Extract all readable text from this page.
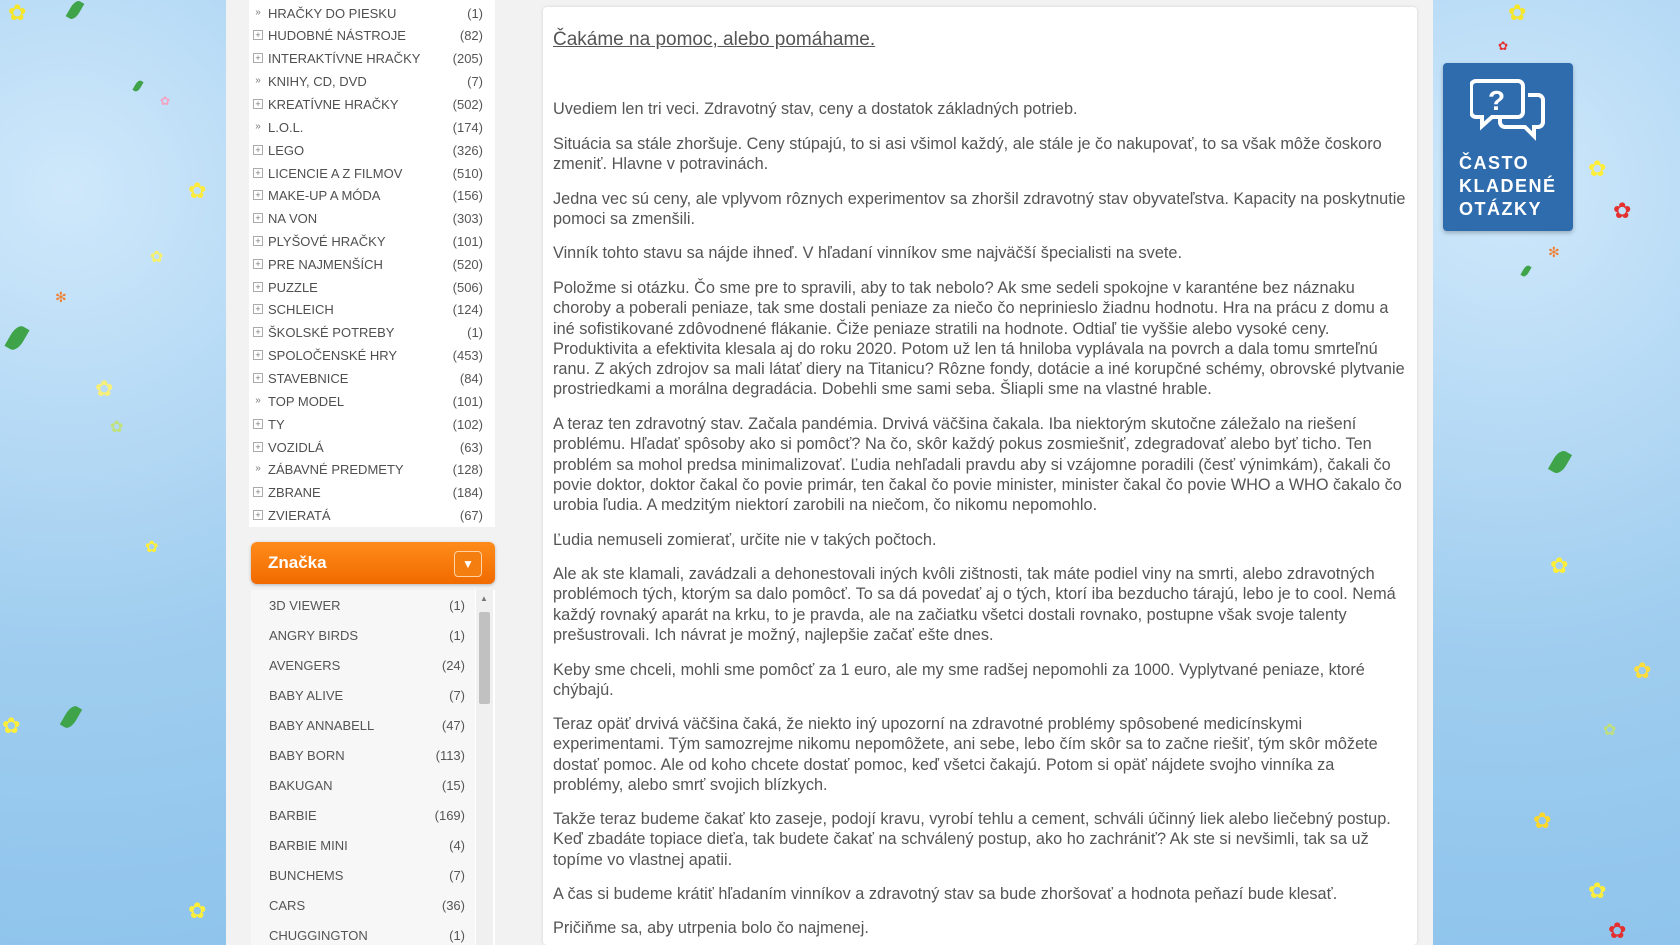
✿
✿
✿
✻
✿
✿
✿
✿
✿
✿
✿
✿
✿
✻
✿
✿
✿
✿
✿
✿
✿
» HRAČKY DO PIESKU	(1)
+ HUDOBNÉ NÁSTROJE	(82)
+ INTERAKTÍVNE HRAČKY	(205)
» KNIHY, CD, DVD	(7)
+ KREATÍVNE HRAČKY	(502)
» L.O.L.	(174)
+ LEGO	(326)
+ LICENCIE A Z FILMOV	(510)
+ MAKE-UP A MÓDA	(156)
+ NA VON	(303)
+ PLYŠOVÉ HRAČKY	(101)
+ PRE NAJMENŠÍCH	(520)
+ PUZZLE	(506)
+ SCHLEICH	(124)
+ ŠKOLSKÉ POTREBY	(1)
+ SPOLOČENSKÉ HRY	(453)
+ STAVEBNICE	(84)
» TOP MODEL	(101)
+ TY	(102)
+ VOZIDLÁ	(63)
» ZÁBAVNÉ PREDMETY	(128)
+ ZBRANE	(184)
+ ZVIERATÁ	(67)
Značka	▼
3D VIEWER	(1)
ANGRY BIRDS	(1)
AVENGERS	(24)
BABY ALIVE	(7)
BABY ANNABELL	(47)
BABY BORN	(113)
BAKUGAN	(15)
BARBIE	(169)
BARBIE MINI	(4)
BUNCHEMS	(7)
CARS	(36)
CHUGGINGTON	(1)
▲
Čakáme na pomoc, alebo pomáhame.
Uvediem len tri veci. Zdravotný stav, ceny a dostatok základných potrieb.
Situácia sa stále zhoršuje. Ceny stúpajú, to si asi všimol každý, ale stále je čo nakupovať, to sa však môže čoskoro zmeniť. Hlavne v potravinách.
Jedna vec sú ceny, ale vplyvom rôznych experimentov sa zhoršil zdravotný stav obyvateľstva. Kapacity na poskytnutie pomoci sa zmenšili.
Vinník tohto stavu sa nájde ihneď. V hľadaní vinníkov sme najväčší špecialisti na svete.
Položme si otázku. Čo sme pre to spravili, aby to tak nebolo? Ak sme sedeli spokojne v karanténe bez náznaku choroby a poberali peniaze, tak sme dostali peniaze za niečo čo neprinieslo žiadnu hodnotu. Hra na prácu z domu a iné sofistikované zdôvodnené flákanie. Čiže peniaze stratili na hodnote. Odtiaľ tie vyššie alebo vysoké ceny. Produktivita a efektivita klesala aj do roku 2020. Potom už len tá hniloba vyplávala na povrch a dala tomu smrteľnú ranu. Z akých zdrojov sa mali látať diery na Titanicu? Rôzne fondy, dotácie a iné korupčné schémy, obrovské plytvanie prostriedkami a morálna degradácia. Dobehli sme sami seba. Šliapli sme na vlastné hrable.
A teraz ten zdravotný stav. Začala pandémia. Drvivá väčšina čakala. Iba niektorým skutočne záležalo na riešení problému. Hľadať spôsoby ako si pomôcť? Na čo, skôr každý pokus zosmiešniť, zdegradovať alebo byť ticho. Ten problém sa mohol predsa minimalizovať. Ľudia nehľadali pravdu aby si vzájomne poradili (česť výnimkám), čakali čo povie doktor, doktor čakal čo povie primár, ten čakal čo povie minister, minister čakal čo povie WHO a WHO čakalo čo urobia ľudia. A medzitým niektorí zarobili na niečom, čo nikomu nepomohlo.
Ľudia nemuseli zomierať, určite nie v takých počtoch.
Ale ak ste klamali, zavádzali a dehonestovali iných kvôli zištnosti, tak máte podiel viny na smrti, alebo zdravotných problémoch tých, ktorým sa dalo pomôcť. To sa dá povedať aj o tých, ktorí iba bezducho tárajú, lebo je to cool. Nemá každý rovnaký aparát na krku, to je pravda, ale na začiatku všetci dostali rovnako, postupne však svoje talenty prešustrovali. Ich návrat je možný, najlepšie začať ešte dnes.
Keby sme chceli, mohli sme pomôcť za 1 euro, ale my sme radšej nepomohli za 1000. Vyplytvané peniaze, ktoré chýbajú.
Teraz opäť drvivá väčšina čaká, že niekto iný upozorní na zdravotné problémy spôsobené medicínskymi experimentami. Tým samozrejme nikomu nepomôžete, ani sebe, lebo čím skôr sa to začne riešiť, tým skôr môžete dostať pomoc. Ale od koho chcete dostať pomoc, keď všetci čakajú. Potom si opäť nájdete svojho vinníka za problémy, alebo smrť svojich blízkych.
Takže teraz budeme čakať kto zaseje, podojí kravu, vyrobí tehlu a cement, schváli účinný liek alebo liečebný postup. Keď zbadáte topiace dieťa, tak budete čakať na schválený postup, ako ho zachrániť? Ak ste si nevšimli, tak sa už topíme vo vlastnej apatii.
A čas si budeme krátiť hľadaním vinníkov a zdravotný stav sa bude zhoršovať a hodnota peňazí bude klesať.
Pričiňme sa, aby utrpenia bolo čo najmenej.
?
ČASTO
KLADENÉ
OTÁZKY
